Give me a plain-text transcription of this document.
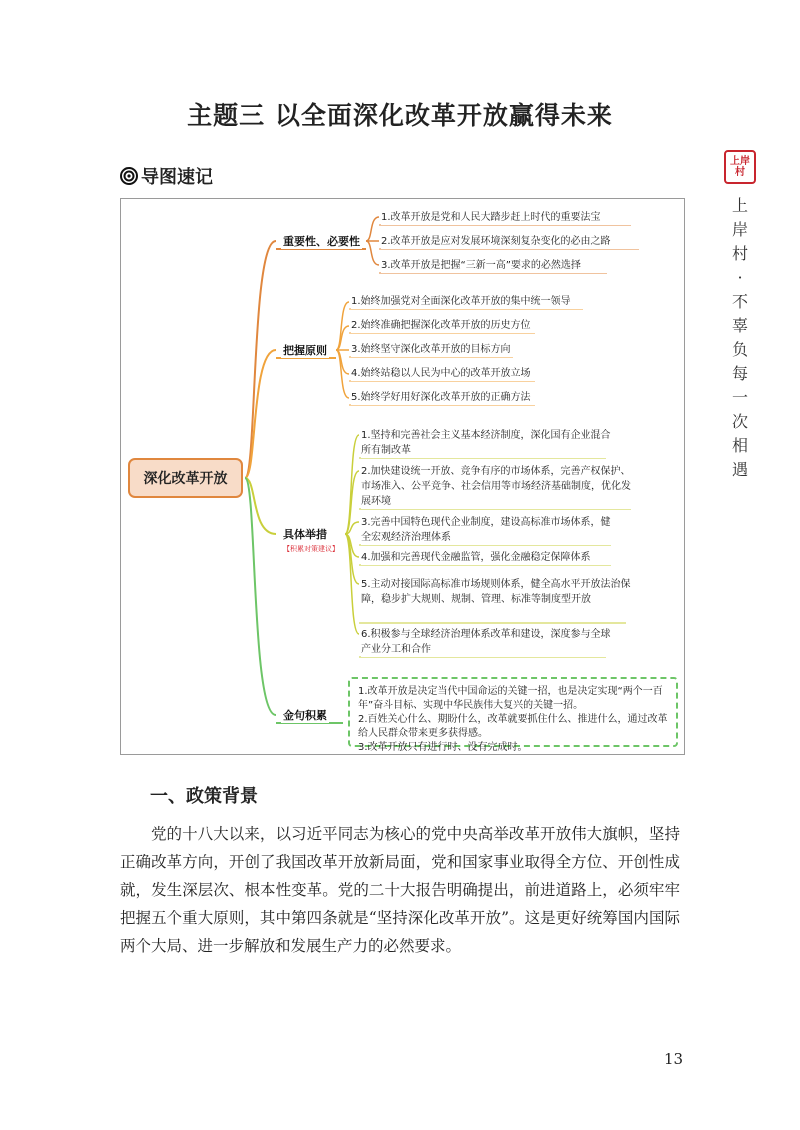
主题三 以全面深化改革开放赢得未来
导图速记
深化改革开放
重要性、必要性
把握原则
具体举措
【积累对策建议】
金句积累
1.改革开放是党和人民大踏步赶上时代的重要法宝
2.改革开放是应对发展环境深刻复杂变化的必由之路
3.改革开放是把握“三新一高”要求的必然选择
1.始终加强党对全面深化改革开放的集中统一领导
2.始终准确把握深化改革开放的历史方位
3.始终坚守深化改革开放的目标方向
4.始终站稳以人民为中心的改革开放立场
5.始终学好用好深化改革开放的正确方法
1.坚持和完善社会主义基本经济制度，深化国有企业混合所有制改革
2.加快建设统一开放、竞争有序的市场体系，完善产权保护、市场准入、公平竞争、社会信用等市场经济基础制度，优化发展环境
3.完善中国特色现代企业制度，建设高标准市场体系，健全宏观经济治理体系
4.加强和完善现代金融监管，强化金融稳定保障体系
5.主动对接国际高标准市场规则体系，健全高水平开放法治保障，稳步扩大规则、规制、管理、标准等制度型开放
6.积极参与全球经济治理体系改革和建设，深度参与全球产业分工和合作
1.改革开放是决定当代中国命运的关键一招，也是决定实现“两个一百年”奋斗目标、实现中华民族伟大复兴的关键一招。
2.百姓关心什么、期盼什么，改革就要抓住什么、推进什么，通过改革给人民群众带来更多获得感。
3.改革开放只有进行时、没有完成时。
一、政策背景
党的十八大以来，以习近平同志为核心的党中央高举改革开放伟大旗帜，坚持正确改革方向，开创了我国改革开放新局面，党和国家事业取得全方位、开创性成就，发生深层次、根本性变革。党的二十大报告明确提出，前进道路上，必须牢牢把握五个重大原则，其中第四条就是“坚持深化改革开放”。这是更好统筹国内国际两个大局、进一步解放和发展生产力的必然要求。
13
上岸村
上岸村·不辜负每一次相遇
